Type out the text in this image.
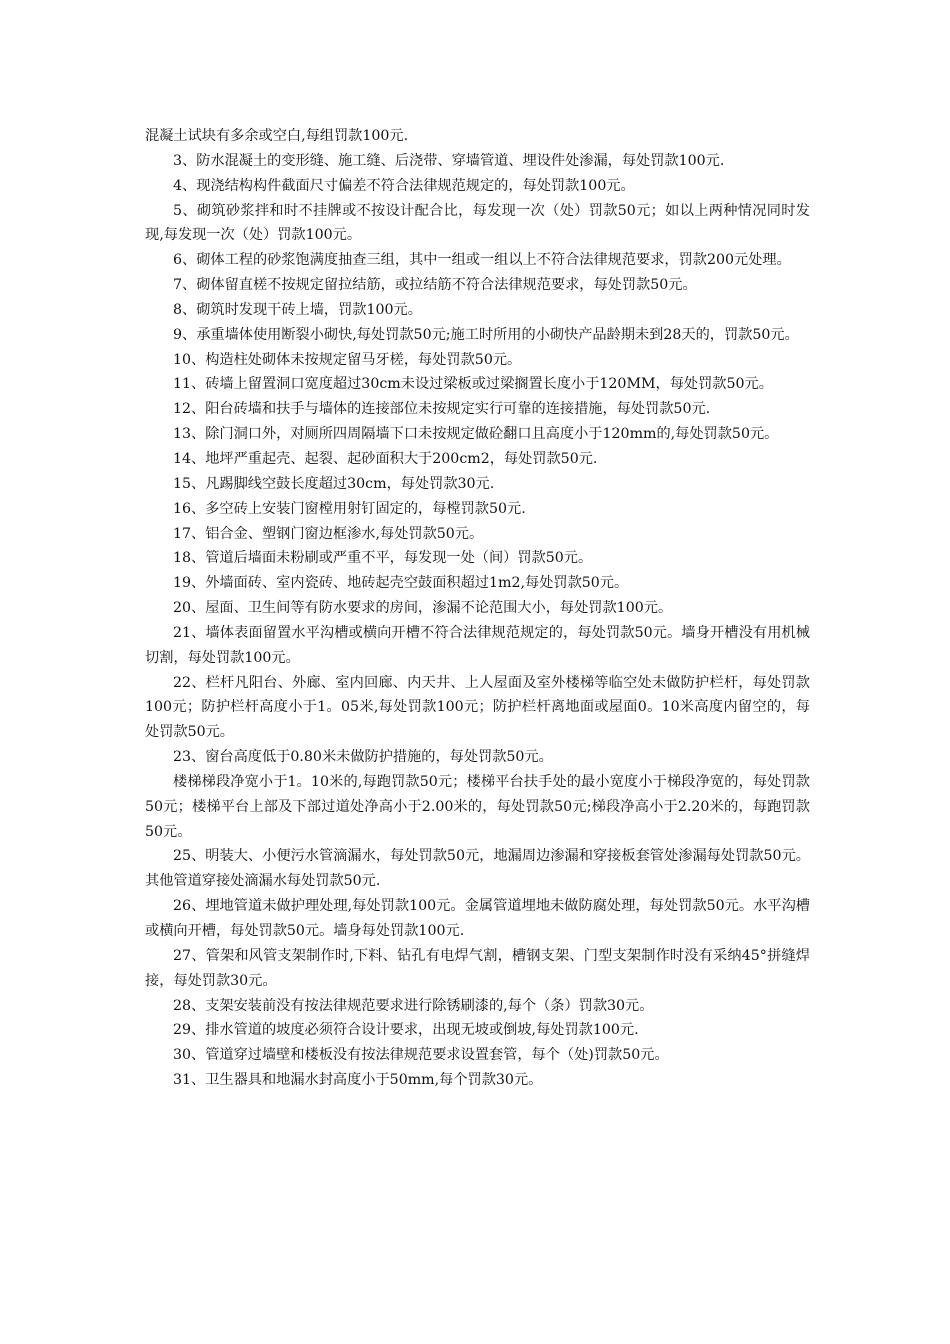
混凝土试块有多余或空白,每组罚款100元.

3、防水混凝土的变形缝、施工缝、后浇带、穿墙管道、埋设件处渗漏，每处罚款100元.

4、现浇结构构件截面尺寸偏差不符合法律规范规定的，每处罚款100元。

5、砌筑砂浆拌和时不挂牌或不按设计配合比，每发现一次（处）罚款50元；如以上两种情况同时发现,每发现一次（处）罚款100元。

6、砌体工程的砂浆饱满度抽查三组，其中一组或一组以上不符合法律规范要求，罚款200元处理。

7、砌体留直槎不按规定留拉结筋，或拉结筋不符合法律规范要求，每处罚款50元。

8、砌筑时发现干砖上墙，罚款100元。

9、承重墙体使用断裂小砌快,每处罚款50元;施工时所用的小砌快产品龄期未到28天的，罚款50元。

10、构造柱处砌体未按规定留马牙槎，每处罚款50元。

11、砖墙上留置洞口宽度超过30cm未设过梁板或过梁搁置长度小于120MM，每处罚款50元。

12、阳台砖墙和扶手与墙体的连接部位未按规定实行可靠的连接措施，每处罚款50元.

13、除门洞口外，对厕所四周隔墙下口未按规定做砼翻口且高度小于120mm的,每处罚款50元。

14、地坪严重起壳、起裂、起砂面积大于200cm2，每处罚款50元.

15、凡踢脚线空鼓长度超过30cm，每处罚款30元.

16、多空砖上安装门窗樘用射钉固定的，每樘罚款50元.

17、铝合金、塑钢门窗边框渗水,每处罚款50元。

18、管道后墙面未粉刷或严重不平，每发现一处（间）罚款50元。

19、外墙面砖、室内瓷砖、地砖起壳空鼓面积超过1m2,每处罚款50元。

20、屋面、卫生间等有防水要求的房间，渗漏不论范围大小，每处罚款100元。

21、墙体表面留置水平沟槽或横向开槽不符合法律规范规定的，每处罚款50元。墙身开槽没有用机械切割，每处罚款100元。

22、栏杆凡阳台、外廊、室内回廊、内天井、上人屋面及室外楼梯等临空处未做防护栏杆，每处罚款100元；防护栏杆高度小于1。05米,每处罚款100元；防护栏杆离地面或屋面0。10米高度内留空的，每处罚款50元。

23、窗台高度低于0.80米未做防护措施的，每处罚款50元。

楼梯梯段净宽小于1。10米的,每跑罚款50元；楼梯平台扶手处的最小宽度小于梯段净宽的，每处罚款50元；楼梯平台上部及下部过道处净高小于2.00米的，每处罚款50元;梯段净高小于2.20米的，每跑罚款50元。

25、明装大、小便污水管滴漏水，每处罚款50元，地漏周边渗漏和穿接板套管处渗漏每处罚款50元。其他管道穿接处滴漏水每处罚款50元.

26、埋地管道未做护理处理,每处罚款100元。金属管道埋地未做防腐处理，每处罚款50元。水平沟槽或横向开槽，每处罚款50元。墙身每处罚款100元.

27、管架和风管支架制作时,下料、钻孔有电焊气割，槽钢支架、门型支架制作时没有采纳45°拼缝焊接，每处罚款30元。

28、支架安装前没有按法律规范要求进行除锈刷漆的,每个（条）罚款30元。

29、排水管道的坡度必须符合设计要求，出现无坡或倒坡,每处罚款100元.

30、管道穿过墙壁和楼板没有按法律规范要求设置套管，每个（处)罚款50元。

31、卫生器具和地漏水封高度小于50mm,每个罚款30元。
